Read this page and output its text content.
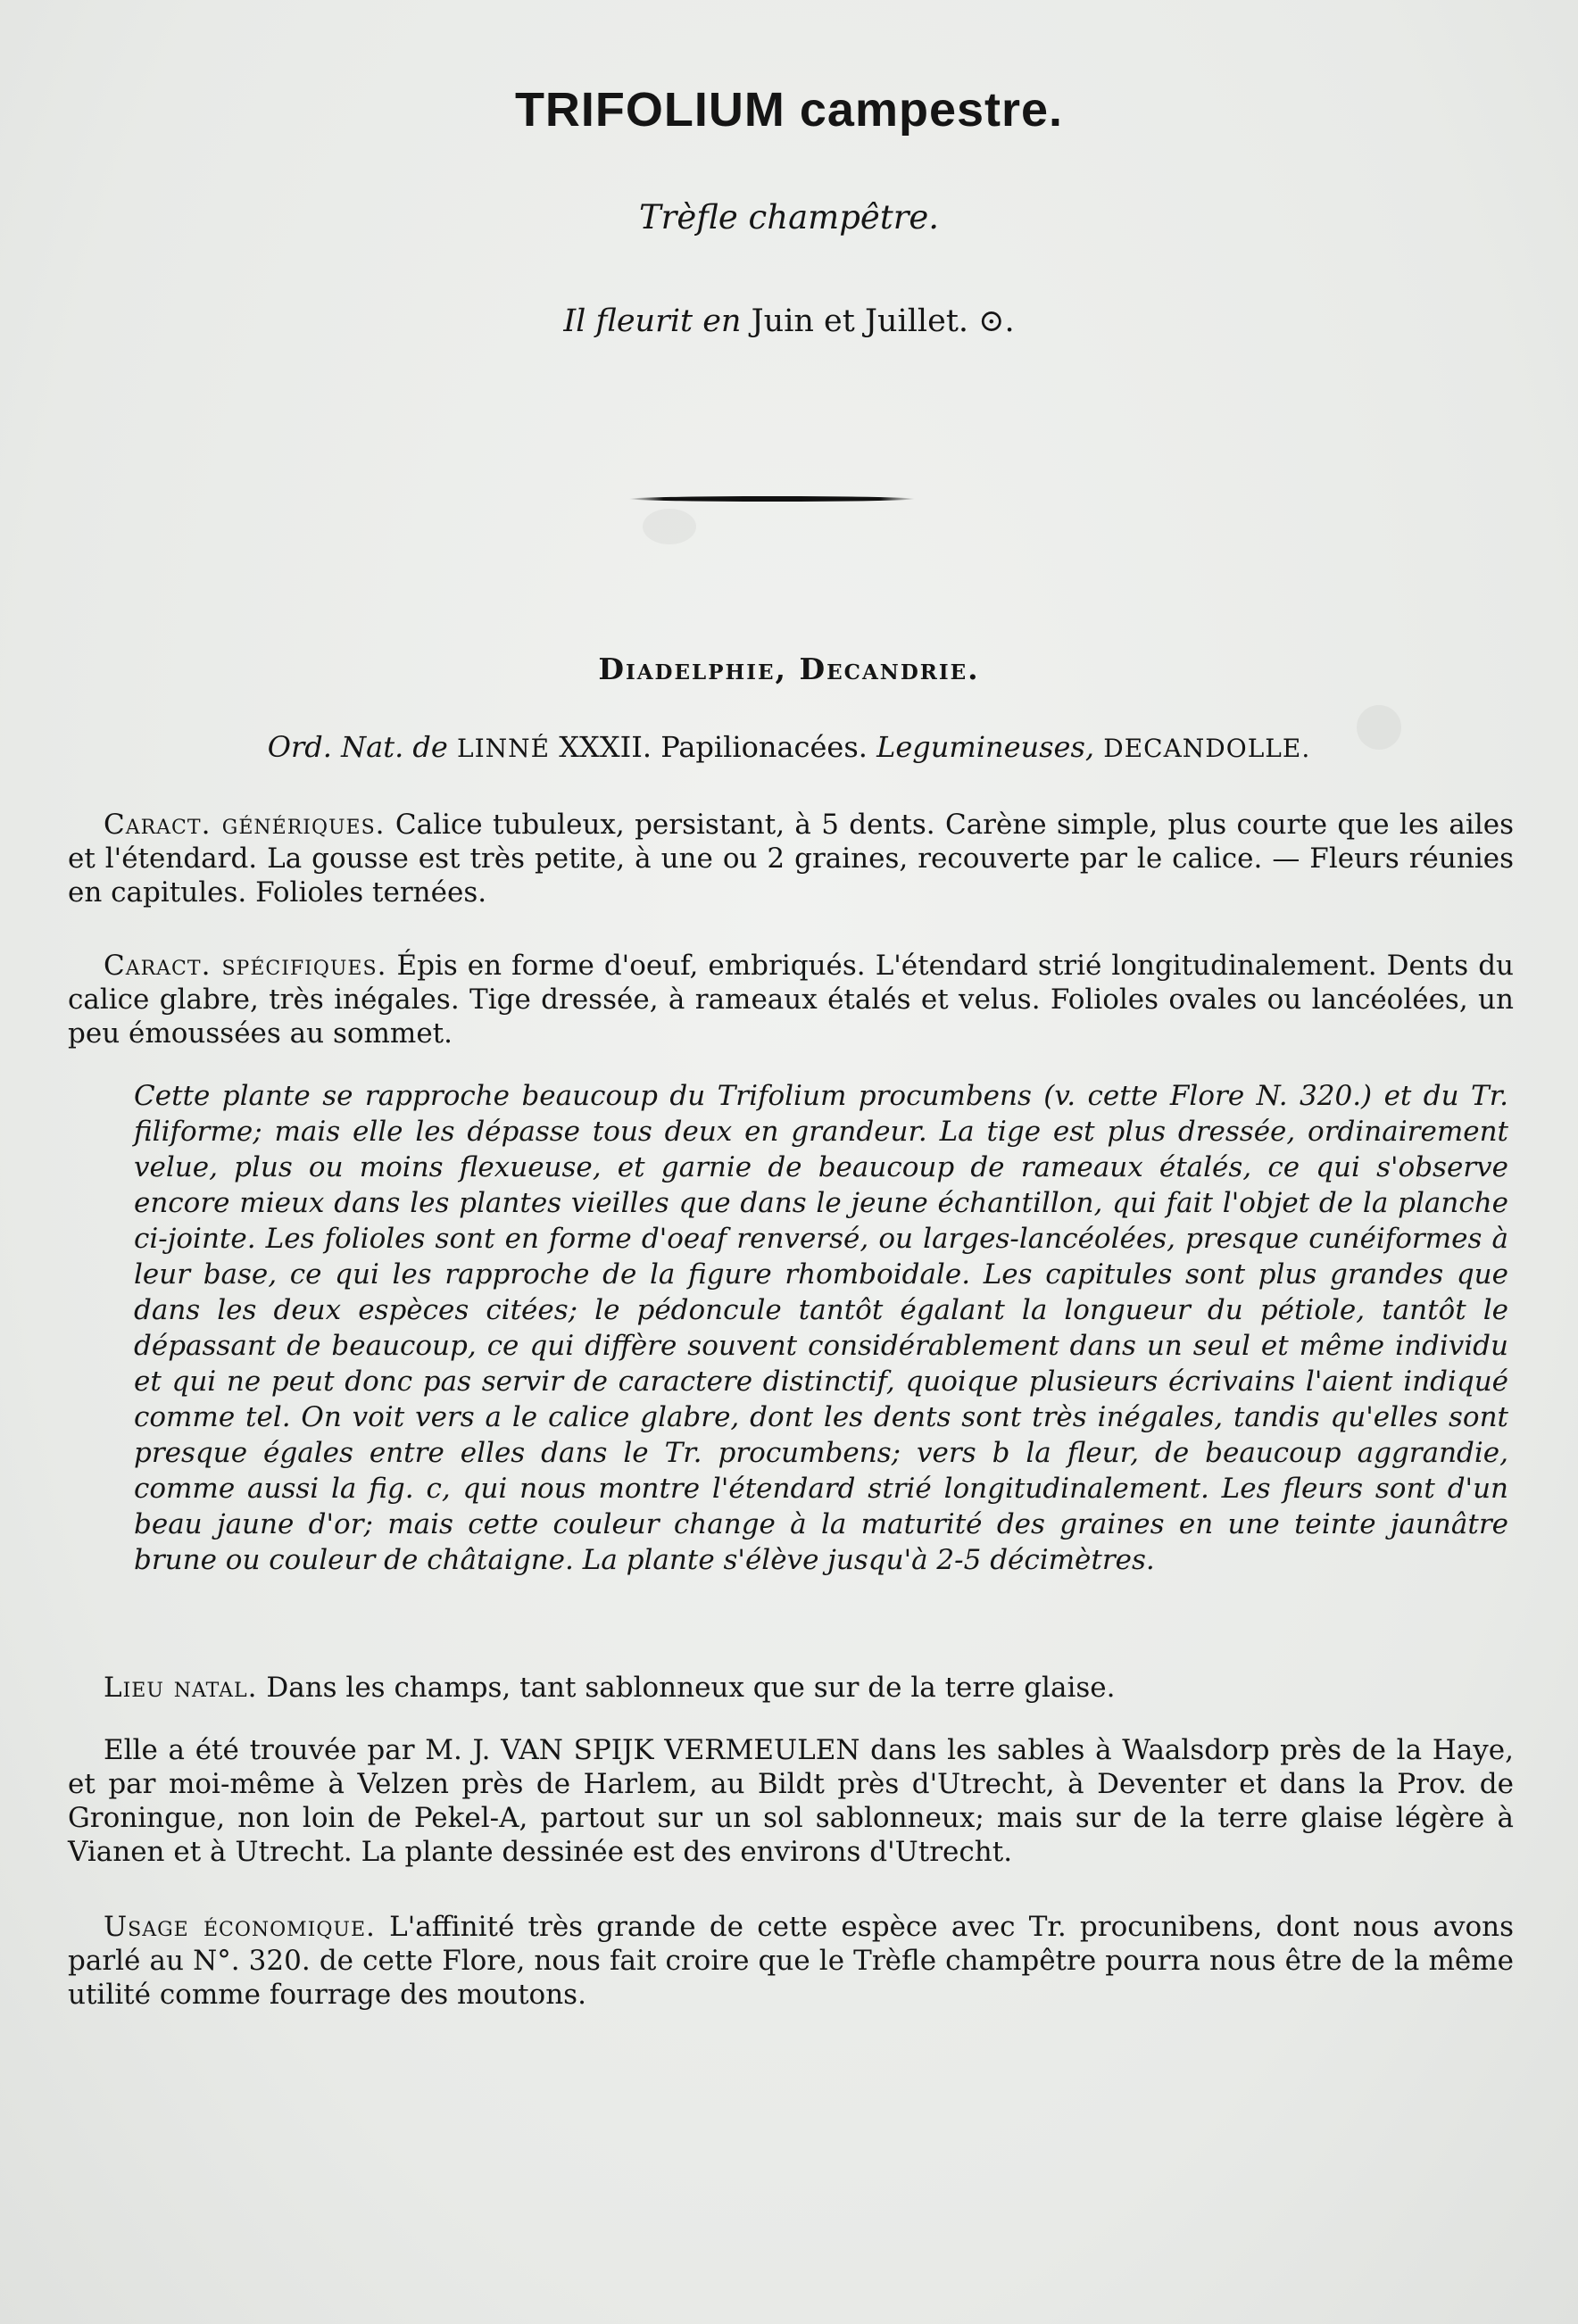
TRIFOLIUM campestre.
Trèfle champêtre.
Il fleurit en Juin et Juillet. ⊙.
Diadelphie, Decandrie.
Ord. Nat. de LINNÉ XXXII. Papilionacées. Legumineuses, DECANDOLLE.
Caract. génériques. Calice tubuleux, persistant, à 5 dents. Carène simple, plus courte que les ailes et l'étendard. La gousse est très petite, à une ou 2 graines, recouverte par le calice. — Fleurs réunies en capitules. Folioles ternées.
Caract. spécifiques. Épis en forme d'oeuf, embriqués. L'étendard strié longitudinalement. Dents du calice glabre, très inégales. Tige dressée, à rameaux étalés et velus. Folioles ovales ou lancéolées, un peu émoussées au sommet.
Cette plante se rapproche beaucoup du Trifolium procumbens (v. cette Flore N. 320.) et du Tr. filiforme; mais elle les dépasse tous deux en grandeur. La tige est plus dressée, ordinairement velue, plus ou moins flexueuse, et garnie de beaucoup de rameaux étalés, ce qui s'observe encore mieux dans les plantes vieilles que dans le jeune échantillon, qui fait l'objet de la planche ci-jointe. Les folioles sont en forme d'oeaf renversé, ou larges-lancéolées, presque cunéiformes à leur base, ce qui les rapproche de la figure rhomboidale. Les capitules sont plus grandes que dans les deux espèces citées; le pédoncule tantôt égalant la longueur du pétiole, tantôt le dépassant de beaucoup, ce qui diffère souvent considérablement dans un seul et même individu et qui ne peut donc pas servir de caractere distinctif, quoique plusieurs écrivains l'aient indiqué comme tel. On voit vers a le calice glabre, dont les dents sont très inégales, tandis qu'elles sont presque égales entre elles dans le Tr. procumbens; vers b la fleur, de beaucoup aggrandie, comme aussi la fig. c, qui nous montre l'étendard strié longitudinalement. Les fleurs sont d'un beau jaune d'or; mais cette couleur change à la maturité des graines en une teinte jaunâtre brune ou couleur de châtaigne. La plante s'élève jusqu'à 2-5 décimètres.
Lieu natal. Dans les champs, tant sablonneux que sur de la terre glaise.
Elle a été trouvée par M. J. VAN SPIJK VERMEULEN dans les sables à Waalsdorp près de la Haye, et par moi-même à Velzen près de Harlem, au Bildt près d'Utrecht, à Deventer et dans la Prov. de Groningue, non loin de Pekel-A, partout sur un sol sablonneux; mais sur de la terre glaise légère à Vianen et à Utrecht. La plante dessinée est des environs d'Utrecht.
Usage économique. L'affinité très grande de cette espèce avec Tr. procunibens, dont nous avons parlé au N°. 320. de cette Flore, nous fait croire que le Trèfle champêtre pourra nous être de la même utilité comme fourrage des moutons.
